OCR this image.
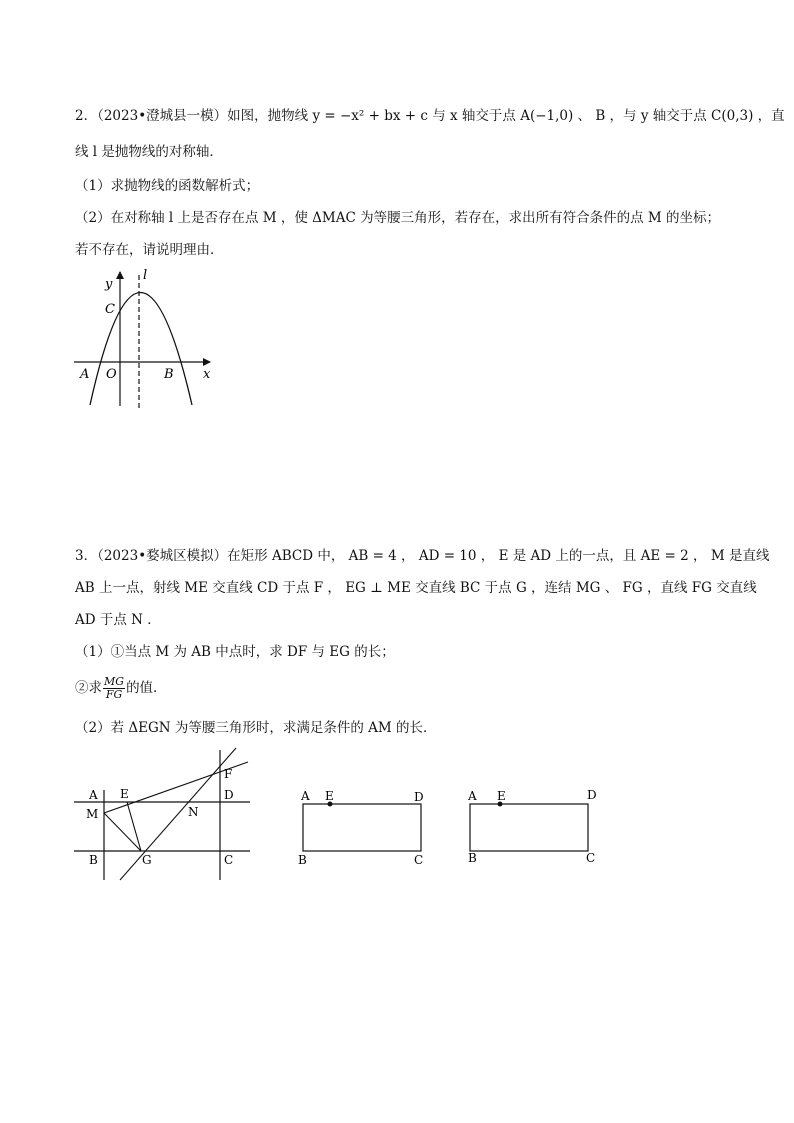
2．（2023•澄城县一模）如图，抛物线 y = −x² + bx + c 与 x 轴交于点 A(−1,0) 、 B ，与 y 轴交于点 C(0,3) ，直
线 l 是抛物线的对称轴．
（1）求抛物线的函数解析式；
（2）在对称轴 l 上是否存在点 M ，使 ΔMAC 为等腰三角形，若存在，求出所有符合条件的点 M 的坐标；
若不存在，请说明理由．
y
l
C
A O	B x
3．（2023•婺城区模拟）在矩形 ABCD 中， AB = 4 ， AD = 10 ， E 是 AD 上的一点，且 AE = 2 ， M 是直线
AB 上一点，射线 ME 交直线 CD 于点 F ， EG ⊥ ME 交直线 BC 于点 G ，连结 MG 、 FG ，直线 FG 交直线
AD 于点 N ．
（1）①当点 M 为 AB 中点时，求 DF 与 EG 的长；
②求 $\frac{MG}{FG}$ 的值．
（2）若 ΔEGN 为等腰三角形时，求满足条件的 AM 的长．
A E	D
F
M	N
B	G	C
A E	D
B	C
A E	D
B	C
